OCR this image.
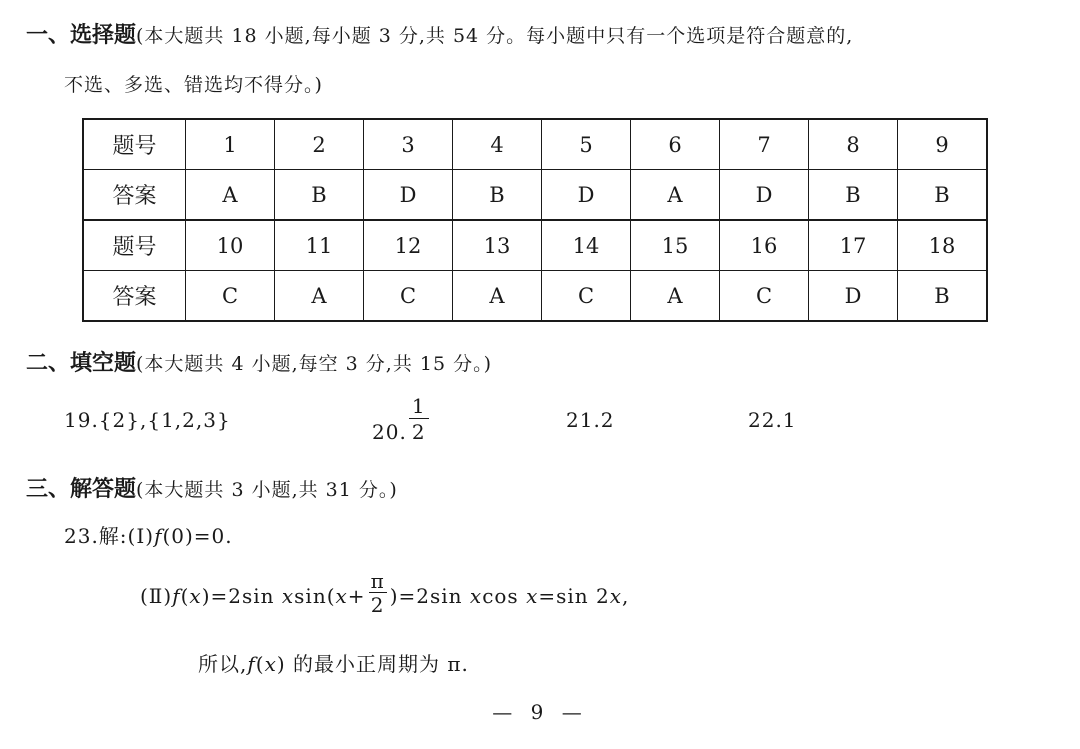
一、选择题(本大题共 18 小题,每小题 3 分,共 54 分。每小题中只有一个选项是符合题意的,
不选、多选、错选均不得分。)
题号	1	2	3	4	5	6	7	8	9
答案	A	B	D	B	D	A	D	B	B
题号	10	11	12	13	14	15	16	17	18
答案	C	A	C	A	C	A	C	D	B
二、填空题(本大题共 4 小题,每空 3 分,共 15 分。)
19.{2},{1,2,3}	20. $\frac{1}{2}$	21.2	22.1
三、解答题(本大题共 3 小题,共 31 分。)
23.解:(Ⅰ)f(0)=0.
(Ⅱ)f(x)=2sin $xsin(x+ \frac{\pi}{2} )=2\sin$ xcos x=sin 2x,
所以,f(x) 的最小正周期为 π.
— 9 —
